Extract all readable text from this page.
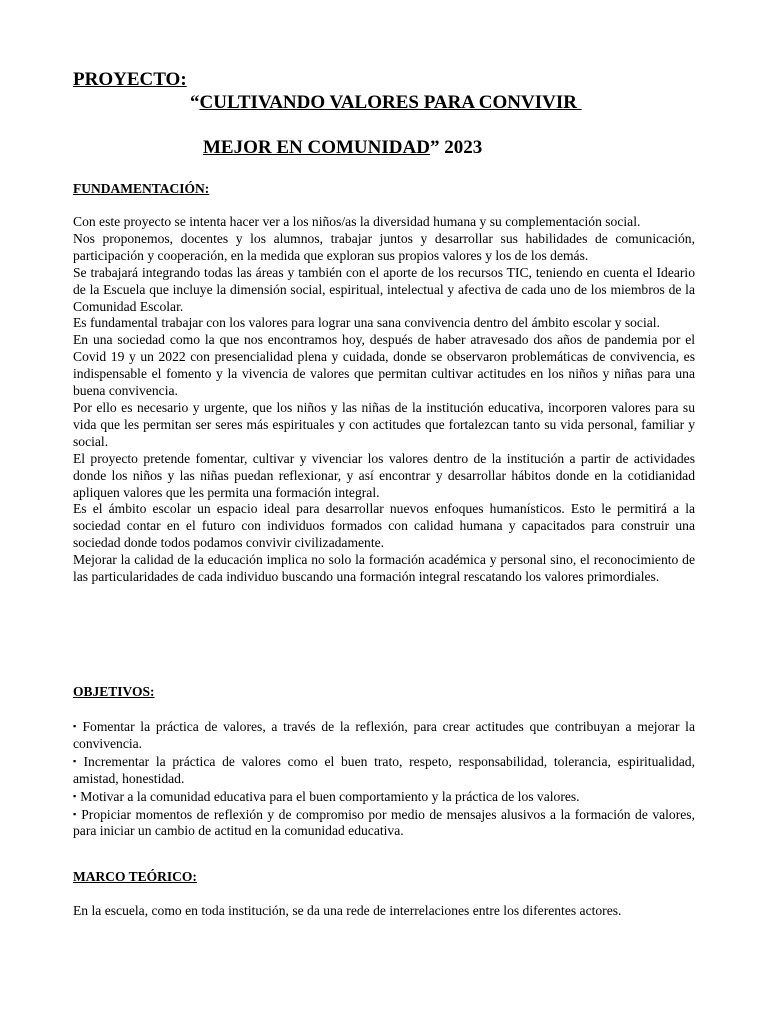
PROYECTO:
“CULTIVANDO VALORES PARA CONVIVIR
MEJOR EN COMUNIDAD” 2023
FUNDAMENTACIÓN:

Con este proyecto se intenta hacer ver a los niños/as la diversidad humana y su complementación social.

Nos proponemos, docentes y los alumnos, trabajar juntos y desarrollar sus habilidades de comunicación, participación y cooperación, en la medida que exploran sus propios valores y los de los demás.

Se trabajará integrando todas las áreas y también con el aporte de los recursos TIC, teniendo en cuenta el Ideario de la Escuela que incluye la dimensión social, espiritual, intelectual y afectiva de cada uno de los miembros de la Comunidad Escolar.

Es fundamental trabajar con los valores para lograr una sana convivencia dentro del ámbito escolar y social.

En una sociedad como la que nos encontramos hoy, después de haber atravesado dos años de pandemia por el Covid 19 y un 2022 con presencialidad plena y cuidada, donde se observaron problemáticas de convivencia, es indispensable el fomento y la vivencia de valores que permitan cultivar actitudes en los niños y niñas para una buena convivencia.

Por ello es necesario y urgente, que los niños y las niñas de la institución educativa, incorporen valores para su vida que les permitan ser seres más espirituales y con actitudes que fortalezcan tanto su vida personal, familiar y social.

El proyecto pretende fomentar, cultivar y vivenciar los valores dentro de la institución a partir de actividades donde los niños y las niñas puedan reflexionar, y así encontrar y desarrollar hábitos donde en la cotidianidad apliquen valores que les permita una formación integral.

Es el ámbito escolar un espacio ideal para desarrollar nuevos enfoques humanísticos. Esto le permitirá a la sociedad contar en el futuro con individuos formados con calidad humana y capacitados para construir una sociedad donde todos podamos convivir civilizadamente.

Mejorar la calidad de la educación implica no solo la formación académica y personal sino, el reconocimiento de las particularidades de cada individuo buscando una formación integral rescatando los valores primordiales.

OBJETIVOS:

▪ Fomentar la práctica de valores, a través de la reflexión, para crear actitudes que contribuyan a mejorar la convivencia.

▪ Incrementar la práctica de valores como el buen trato, respeto, responsabilidad, tolerancia, espiritualidad, amistad, honestidad.

▪ Motivar a la comunidad educativa para el buen comportamiento y la práctica de los valores.

▪ Propiciar momentos de reflexión y de compromiso por medio de mensajes alusivos a la formación de valores, para iniciar un cambio de actitud en la comunidad educativa.

MARCO TEÓRICO:

En la escuela, como en toda institución, se da una rede de interrelaciones entre los diferentes actores.
